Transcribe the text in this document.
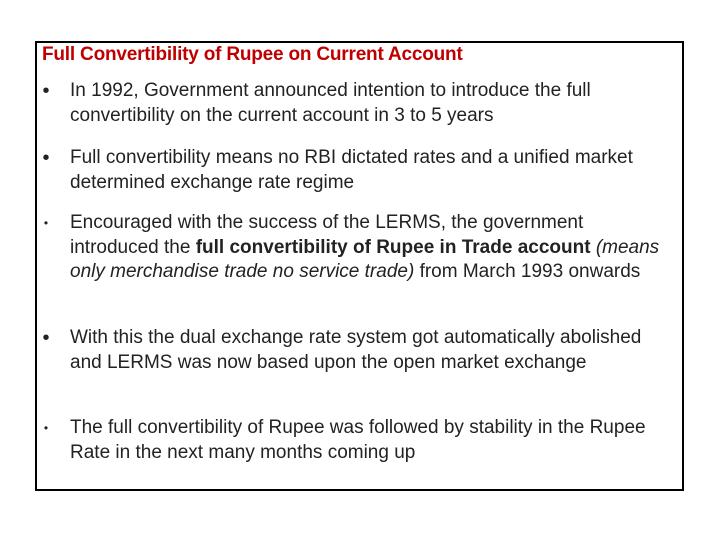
Full Convertibility of Rupee on Current Account
•	In 1992, Government announced intention to introduce the full convertibility on the current account in 3 to 5 years
•	Full convertibility means no RBI dictated rates and a unified market determined exchange rate regime
•	Encouraged with the success of the LERMS, the government introduced the full convertibility of Rupee in Trade account (means only merchandise trade no service trade) from March 1993 onwards
•	With this the dual exchange rate system got automatically abolished and LERMS was now based upon the open market exchange
•	The full convertibility of Rupee was followed by stability in the Rupee Rate in the next many months coming up
